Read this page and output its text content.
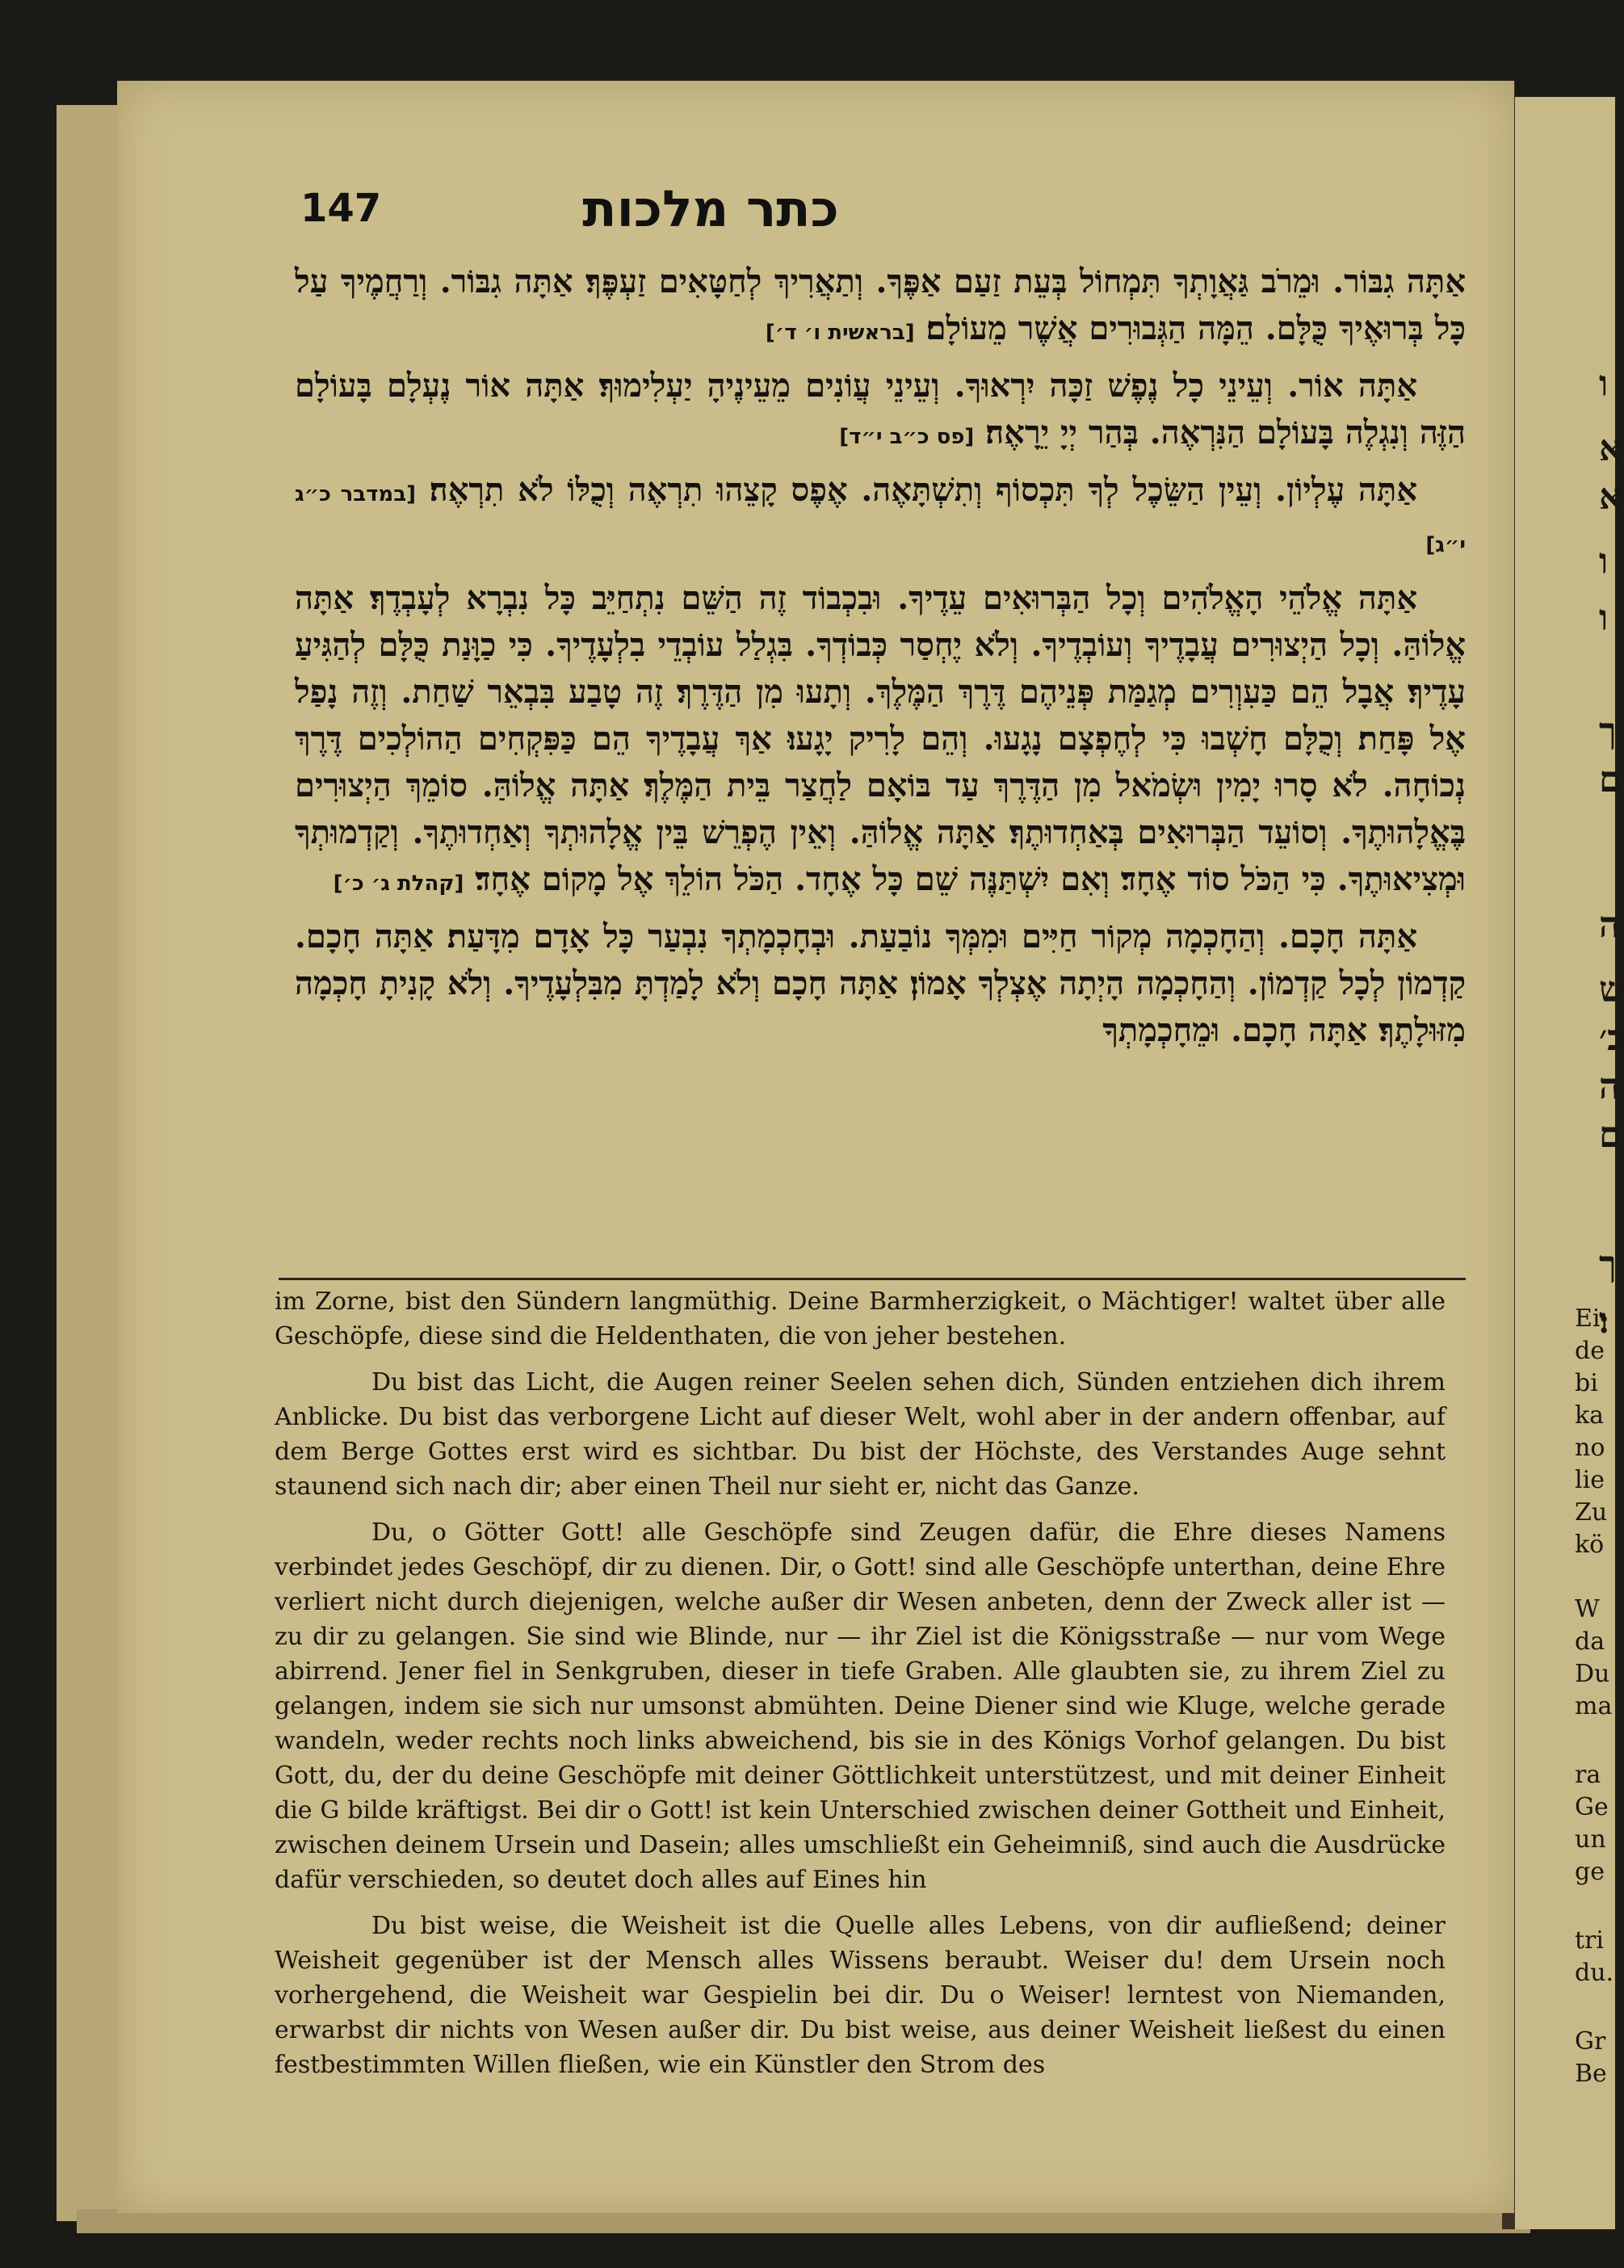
ו
א
א
ו
ו
ך
ם
ה
ש
ב׳
ה
ם
ך
ו׃
Ei
de
bi
ka
no
lie
Zu
kö
W
da
Du
ma
ra
Ge
un
ge
tri
du.
Gr
Be
147	כתר מלכות

אַתָּה גִבּוֹר. וּמֵרֹב גַּאֲוָתְךָ תִּמְחוֹל בְּעֵת זַעַם אַפֶּךָ. וְתַאֲרִיךְ לְחַטָּאִים זַעְפֶּךָ׃ אַתָּה גִבּוֹר. וְרַחֲמֶיךָ עַל כָּל בְּרוּאֶיךָ כֻּלָּם. הֵמָּה הַגְּבוּרִים אֲשֶׁר מֵעוֹלָם׃ [בראשית ו׳ ד׳]

אַתָּה אוֹר. וְעֵינֵי כָל נֶפֶשׁ זַכָּה יִרְאוּךָ. וְעֵינֵי עֲוֹנִים מֵעֵינֶיהָ יַעְלִימוּךָ׃ אַתָּה אוֹר נֶעְלָם בָּעוֹלָם הַזֶּה וְנִגְלֶה בָּעוֹלָם הַנִּרְאֶה. בְּהַר יְיָ יֵרָאֶה׃ [פס כ״ב י״ד]

אַתָּה עֶלְיוֹן. וְעֵין הַשֵּׂכֶל לְךָ תִּכְסוֹף וְתִשְׁתָּאֶה. אֶפֶס קָצֵהוּ תִרְאֶה וְכֻלּוֹ לֹא תִרְאֶה׃ [במדבר כ״ג י״ג]

אַתָּה אֱלֹהֵי הָאֱלֹהִים וְכָל הַבְּרוּאִים עֵדֶיךָ. וּבִכְבוֹד זֶה הַשֵּׁם נִתְחַיֵּב כָּל נִבְרָא לְעָבְדֶךָ׃ אַתָּה אֱלוֹהַּ. וְכָל הַיְצוּרִים עֲבָדֶיךָ וְעוֹבְדֶיךָ. וְלֹא יֶחְסַר כְּבוֹדְךָ. בִּגְלַל עוֹבְדֵי בִלְעָדֶיךָ. כִּי כַוָּנַת כֻּלָּם לְהַגִּיעַ עָדֶיךָ׃ אֲבָל הֵם כַּעִוְרִים מְגַמַּת פְּנֵיהֶם דֶּרֶךְ הַמֶּלֶךְ. וְתָעוּ מִן הַדֶּרֶךְ׃ זֶה טָבַע בִּבְאֵר שַׁחַת. וְזֶה נָפַל אֶל פָּחַת׃ וְכֻלָּם חָשְׁבוּ כִּי לְחֶפְצָם נָגָעוּ. וְהֵם לָרִיק יָגָעוּ׃ אַךְ עֲבָדֶיךָ הֵם כַּפִּקְחִים הַהוֹלְכִים דֶּרֶךְ נְכוֹחָה. לֹא סָרוּ יָמִין וּשְׂמֹאל מִן הַדֶּרֶךְ עַד בּוֹאָם לַחֲצַר בֵּית הַמֶּלֶךְ׃ אַתָּה אֱלוֹהַּ. סוֹמֵךְ הַיְצוּרִים בֶּאֱלָהוּתֶךָ. וְסוֹעֵד הַבְּרוּאִים בְּאַחְדוּתֶךָ׃ אַתָּה אֱלוֹהַּ. וְאֵין הֶפְרֵשׁ בֵּין אֱלָהוּתְךָ וְאַחְדוּתֶךָ. וְקַדְמוּתְךָ וּמְצִיאוּתֶךָ. כִּי הַכֹּל סוֹד אֶחָד׃ וְאִם יִשְׁתַּנֶּה שֵׁם כָּל אֶחָד. הַכֹּל הוֹלֵךְ אֶל מָקוֹם אֶחָד׃ [קהלת ג׳ כ׳]

אַתָּה חָכָם. וְהַחָכְמָה מְקוֹר חַיִּים וּמִמְּךָ נוֹבַעַת. וּבְחָכְמָתְךָ נִבְעַר כָּל אָדָם מִדָּעַת׃ אַתָּה חָכָם. קַדְמוֹן לְכָל קַדְמוֹן. וְהַחָכְמָה הָיְתָה אֶצְלְךָ אָמוֹן׃ אַתָּה חָכָם וְלֹא לָמַדְתָּ מִבִּלְעָדֶיךָ. וְלֹא קָנִיתָ חָכְמָה מִזּוּלָתֶךָ׃ אַתָּה חָכָם. וּמֵחָכְמָתְךָ

im Zorne, bist den Sündern langmüthig. Deine Barmherzigkeit, o Mächtiger! waltet über alle Geschöpfe, diese sind die Heldenthaten, die von jeher bestehen.

Du bist das Licht, die Augen reiner Seelen sehen dich, Sünden entziehen dich ihrem Anblicke. Du bist das verborgene Licht auf dieser Welt, wohl aber in der andern offenbar, auf dem Berge Gottes erst wird es sichtbar. Du bist der Höchste, des Verstandes Auge sehnt staunend sich nach dir; aber einen Theil nur sieht er, nicht das Ganze.

Du, o Götter Gott! alle Geschöpfe sind Zeugen dafür, die Ehre dieses Namens verbindet jedes Geschöpf, dir zu dienen. Dir, o Gott! sind alle Geschöpfe unterthan, deine Ehre verliert nicht durch diejenigen, welche außer dir Wesen anbeten, denn der Zweck aller ist — zu dir zu gelangen. Sie sind wie Blinde, nur — ihr Ziel ist die Königsstraße — nur vom Wege abirrend. Jener fiel in Senkgruben, dieser in tiefe Graben. Alle glaubten sie, zu ihrem Ziel zu gelangen, indem sie sich nur umsonst abmühten. Deine Diener sind wie Kluge, welche gerade wandeln, weder rechts noch links abweichend, bis sie in des Königs Vorhof gelangen. Du bist Gott, du, der du deine Geschöpfe mit deiner Göttlichkeit unterstützest, und mit deiner Einheit die G bilde kräftigst. Bei dir o Gott! ist kein Unterschied zwischen deiner Gottheit und Einheit, zwischen deinem Ursein und Dasein; alles umschließt ein Geheimniß, sind auch die Ausdrücke dafür verschieden, so deutet doch alles auf Eines hin

Du bist weise, die Weisheit ist die Quelle alles Lebens, von dir aufließend; deiner Weisheit gegenüber ist der Mensch alles Wissens beraubt. Weiser du! dem Ursein noch vorhergehend, die Weisheit war Gespielin bei dir. Du o Weiser! lerntest von Niemanden, erwarbst dir nichts von Wesen außer dir. Du bist weise, aus deiner Weisheit ließest du einen festbestimmten Willen fließen, wie ein Künstler den Strom des
